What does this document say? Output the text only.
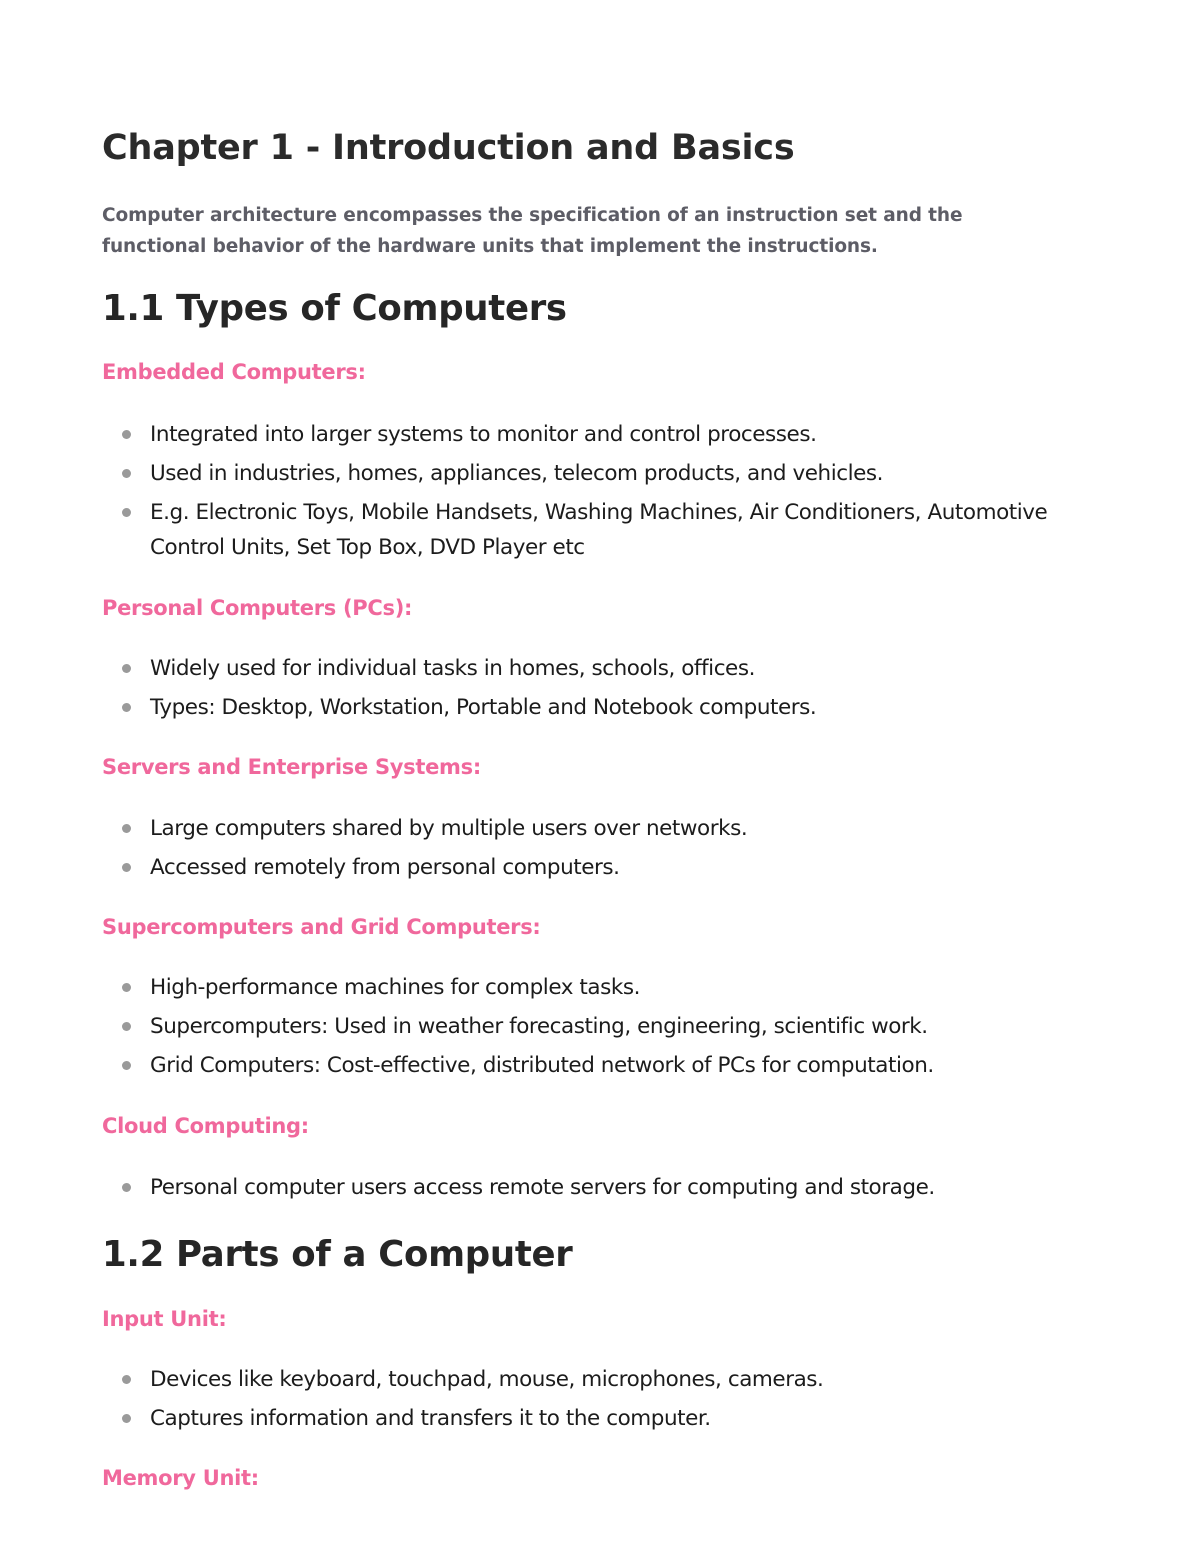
Chapter 1 - Introduction and Basics

Computer architecture encompasses the specification of an instruction set and the functional behavior of the hardware units that implement the instructions.

1.1 Types of Computers
Embedded Computers:
Integrated into larger systems to monitor and control processes.
Used in industries, homes, appliances, telecom products, and vehicles.
E.g. Electronic Toys, Mobile Handsets, Washing Machines, Air Conditioners, Automotive Control Units, Set Top Box, DVD Player etc
Personal Computers (PCs):
Widely used for individual tasks in homes, schools, offices.
Types: Desktop, Workstation, Portable and Notebook computers.
Servers and Enterprise Systems:
Large computers shared by multiple users over networks.
Accessed remotely from personal computers.
Supercomputers and Grid Computers:
High-performance machines for complex tasks.
Supercomputers: Used in weather forecasting, engineering, scientific work.
Grid Computers: Cost-effective, distributed network of PCs for computation.
Cloud Computing:
Personal computer users access remote servers for computing and storage.
1.2 Parts of a Computer
Input Unit:
Devices like keyboard, touchpad, mouse, microphones, cameras.
Captures information and transfers it to the computer.
Memory Unit:
